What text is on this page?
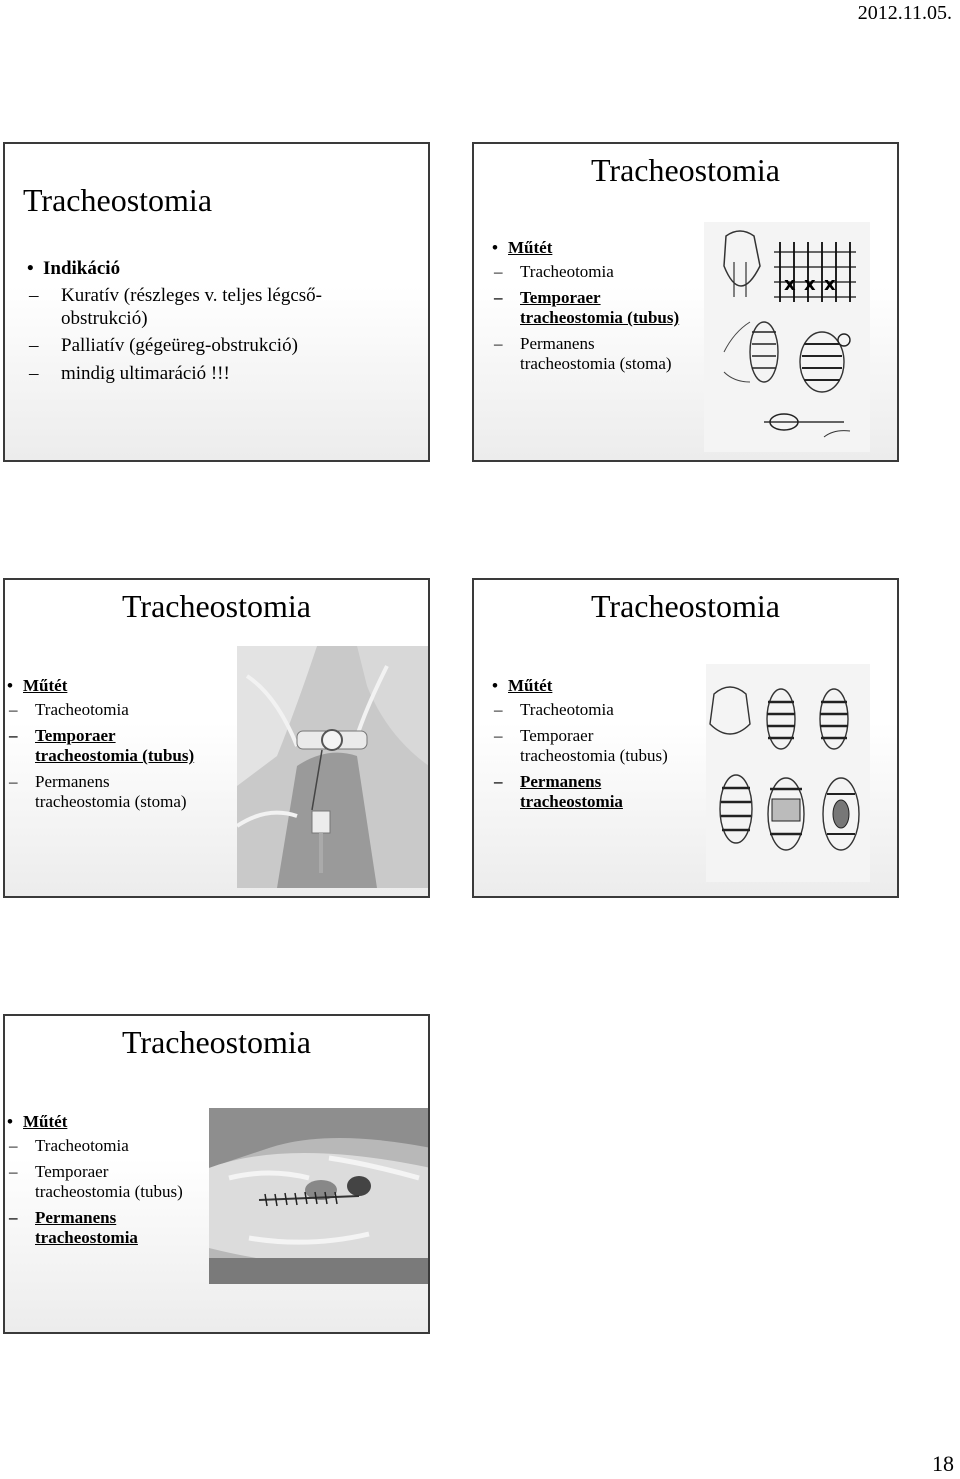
2012.11.05.
Tracheostomia
• Indikáció
– Kuratív (részleges v. teljes légcső-
obstrukció)
– Palliatív (gégeüreg-obstrukció)
– mindig ultimaráció !!!
Tracheostomia
• Műtét
– Tracheotomia
– Temporaer
tracheostomia (tubus)
– Permanens
tracheostomia (stoma)
x x x
Tracheostomia
• Műtét
– Tracheotomia
– Temporaer
tracheostomia (tubus)
– Permanens
tracheostomia (stoma)
Tracheostomia
• Műtét
– Tracheotomia
– Temporaer
tracheostomia (tubus)
– Permanens
tracheostomia
Tracheostomia
• Műtét
– Tracheotomia
– Temporaer
tracheostomia (tubus)
– Permanens
tracheostomia
18
